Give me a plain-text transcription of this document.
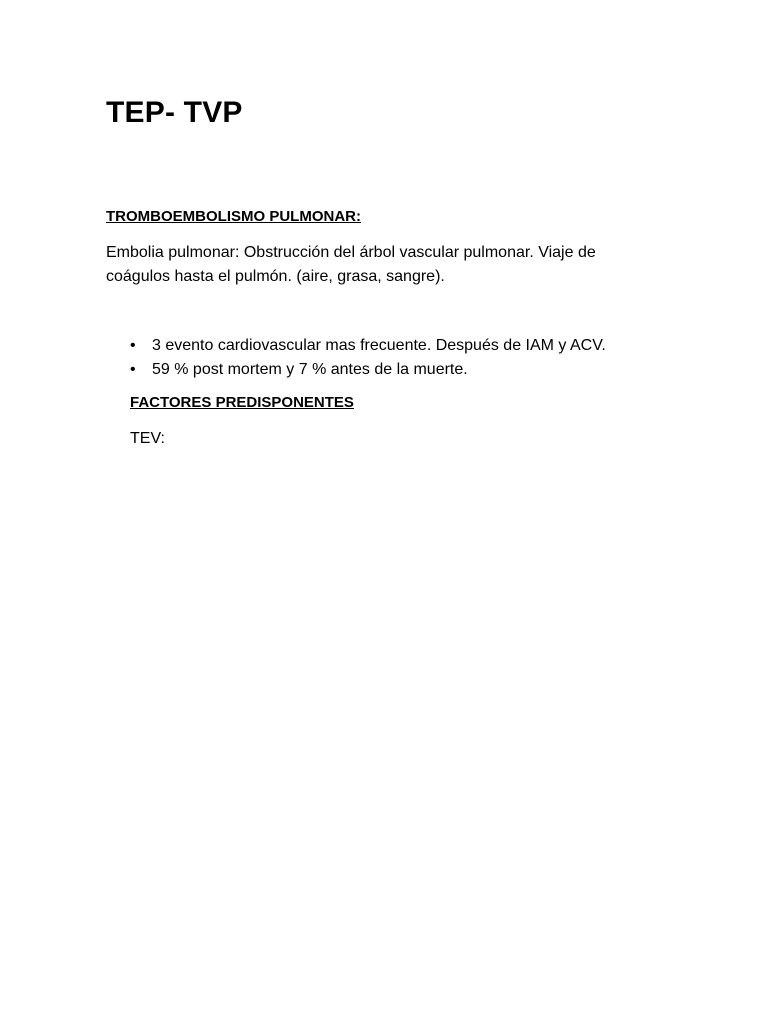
TEP- TVP
TROMBOEMBOLISMO PULMONAR:

Embolia pulmonar: Obstrucción del árbol vascular pulmonar. Viaje de coágulos hasta el pulmón. (aire, grasa, sangre).

• 3 evento cardiovascular mas frecuente. Después de IAM y ACV.
• 59 % post mortem y 7 % antes de la muerte.
FACTORES PREDISPONENTES

TEV:
